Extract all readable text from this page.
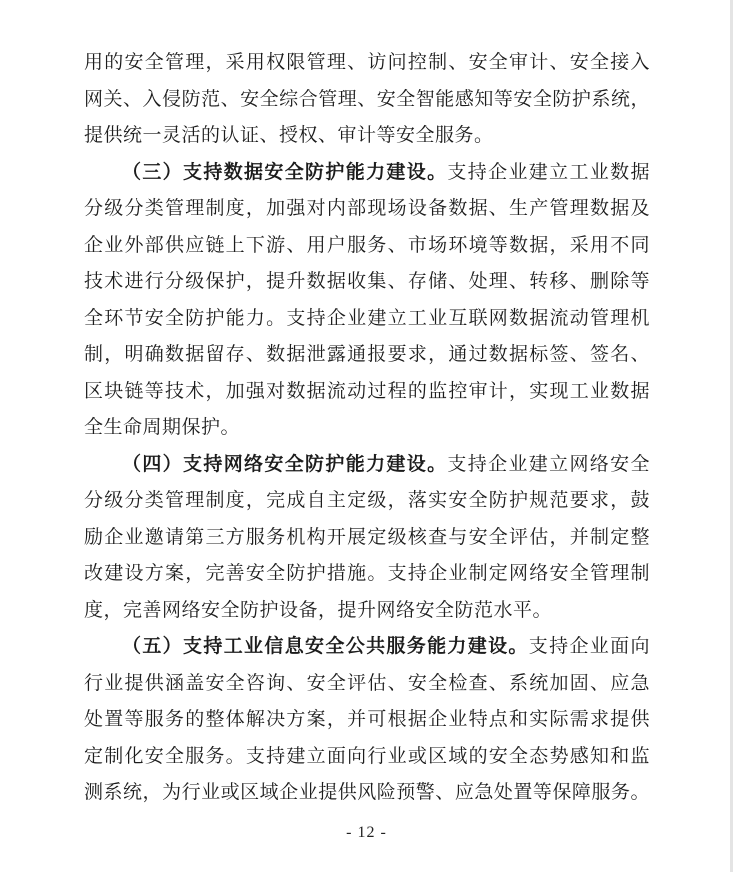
用的安全管理，采用权限管理、访问控制、安全审计、安全接入

网关、入侵防范、安全综合管理、安全智能感知等安全防护系统，

提供统一灵活的认证、授权、审计等安全服务。

（三）支持数据安全防护能力建设。支持企业建立工业数据

分级分类管理制度，加强对内部现场设备数据、生产管理数据及

企业外部供应链上下游、用户服务、市场环境等数据，采用不同

技术进行分级保护，提升数据收集、存储、处理、转移、删除等

全环节安全防护能力。支持企业建立工业互联网数据流动管理机

制，明确数据留存、数据泄露通报要求，通过数据标签、签名、

区块链等技术，加强对数据流动过程的监控审计，实现工业数据

全生命周期保护。

（四）支持网络安全防护能力建设。支持企业建立网络安全

分级分类管理制度，完成自主定级，落实安全防护规范要求，鼓

励企业邀请第三方服务机构开展定级核查与安全评估，并制定整

改建设方案，完善安全防护措施。支持企业制定网络安全管理制

度，完善网络安全防护设备，提升网络安全防范水平。

（五）支持工业信息安全公共服务能力建设。支持企业面向

行业提供涵盖安全咨询、安全评估、安全检查、系统加固、应急

处置等服务的整体解决方案，并可根据企业特点和实际需求提供

定制化安全服务。支持建立面向行业或区域的安全态势感知和监

测系统，为行业或区域企业提供风险预警、应急处置等保障服务。

- 12 -
